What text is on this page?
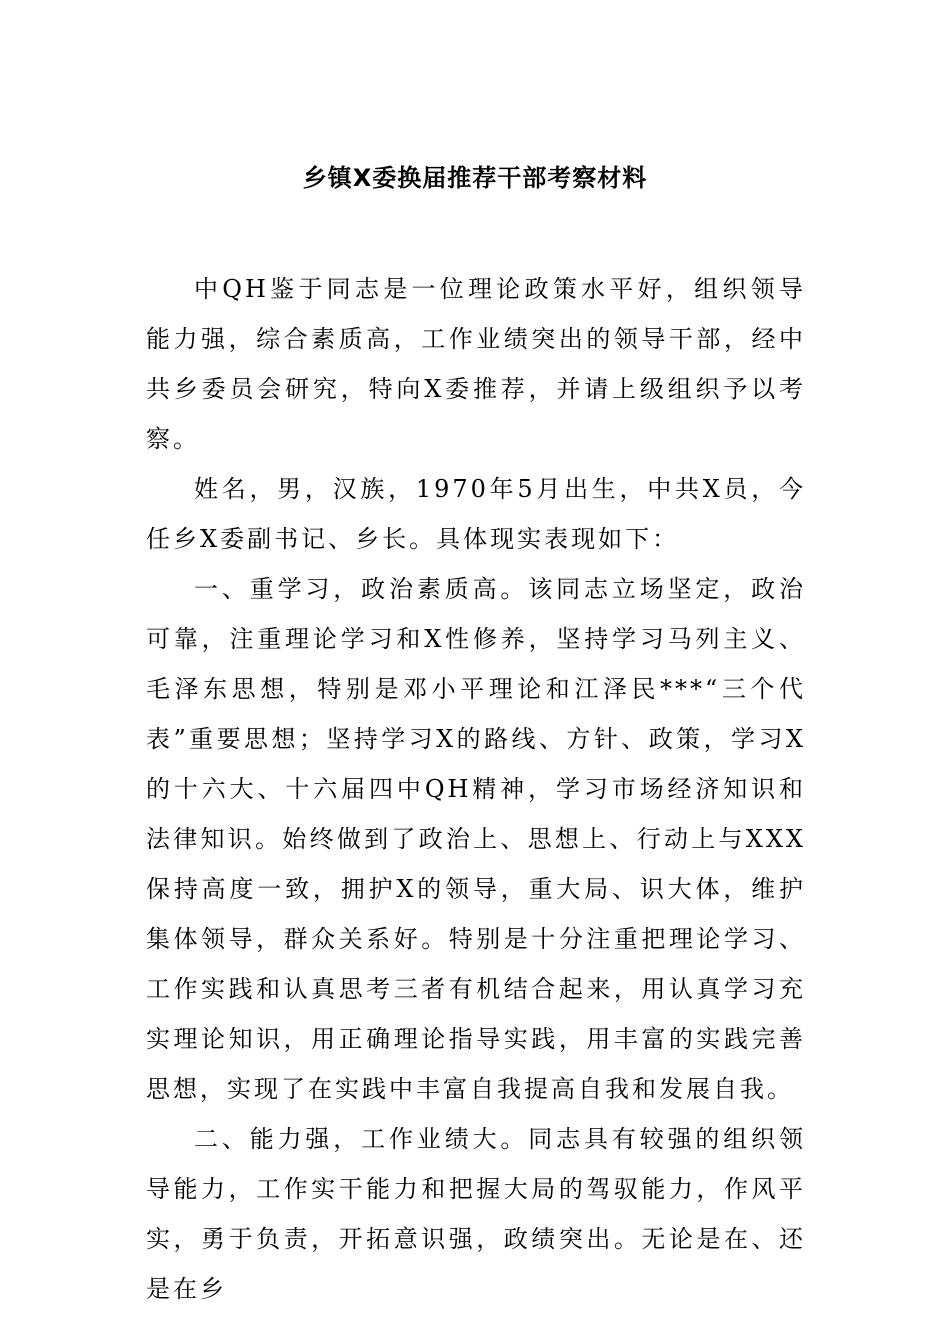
乡镇X委换届推荐干部考察材料

中QH鉴于同志是一位理论政策水平好，组织领导能力强，综合素质高，工作业绩突出的领导干部，经中共乡委员会研究，特向X委推荐，并请上级组织予以考察。

姓名，男，汉族，1970年5月出生，中共X员，今任乡X委副书记、乡长。具体现实表现如下：

一、重学习，政治素质高。该同志立场坚定，政治可靠，注重理论学习和X性修养，坚持学习马列主义、毛泽东思想，特别是邓小平理论和江泽民***“三个代表”重要思想；坚持学习X的路线、方针、政策，学习X的十六大、十六届四中QH精神，学习市场经济知识和法律知识。始终做到了政治上、思想上、行动上与XXX保持高度一致，拥护X的领导，重大局、识大体，维护集体领导，群众关系好。特别是十分注重把理论学习、工作实践和认真思考三者有机结合起来，用认真学习充实理论知识，用正确理论指导实践，用丰富的实践完善思想，实现了在实践中丰富自我提高自我和发展自我。

二、能力强，工作业绩大。同志具有较强的组织领导能力，工作实干能力和把握大局的驾驭能力，作风平实，勇于负责，开拓意识强，政绩突出。无论是在、还是在乡
